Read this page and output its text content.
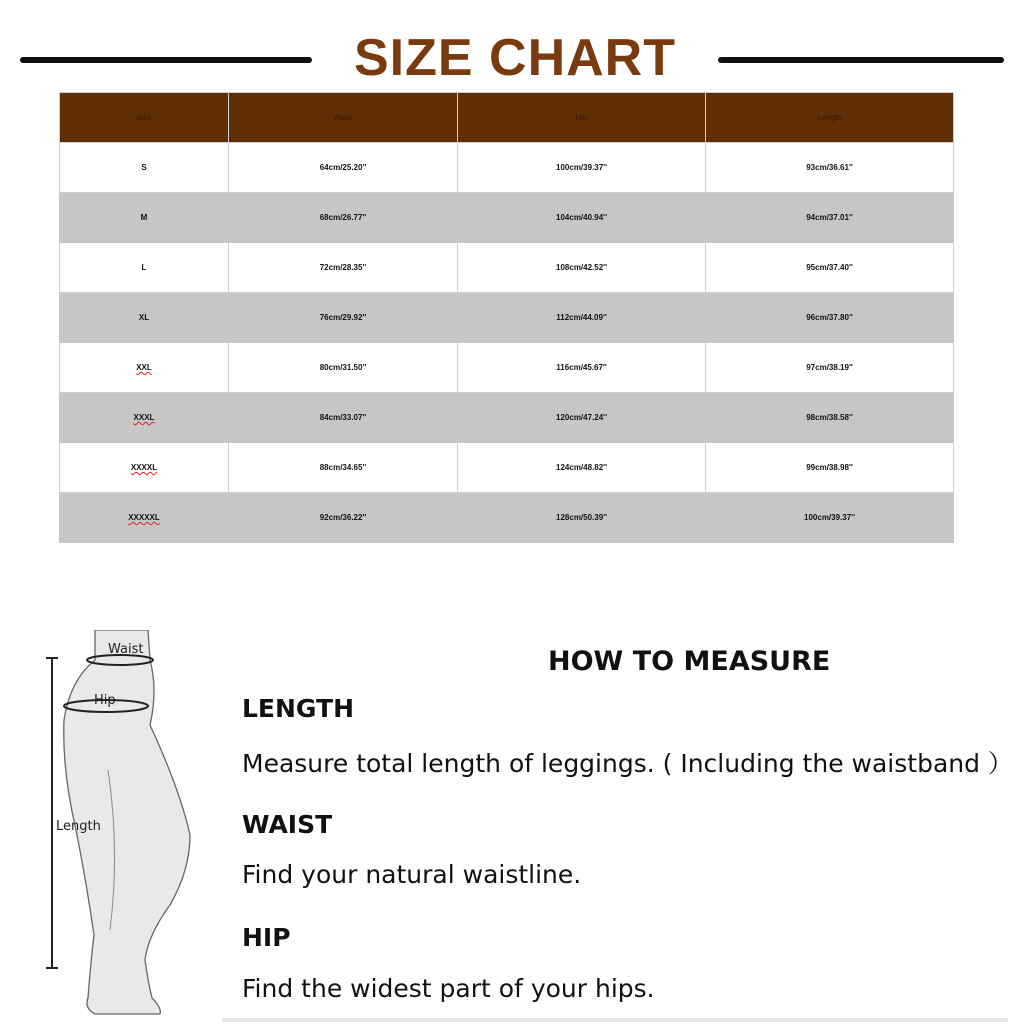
SIZE CHART
size	Waist	Hip	Length
S	64cm/25.20''	100cm/39.37''	93cm/36.61''
M	68cm/26.77''	104cm/40.94''	94cm/37.01''
L	72cm/28.35''	108cm/42.52''	95cm/37.40''
XL	76cm/29.92''	112cm/44.09''	96cm/37.80''
XXL	80cm/31.50''	116cm/45.67''	97cm/38.19''
XXXL	84cm/33.07''	120cm/47.24''	98cm/38.58''
XXXXL	88cm/34.65''	124cm/48.82''	99cm/38.98''
XXXXXL	92cm/36.22''	128cm/50.39''	100cm/39.37''
Waist
Hip
Length
HOW TO MEASURE
LENGTH
Measure total length of leggings. ( Including the waistband ）
WAIST
Find your natural waistline.
HIP
Find the widest part of your hips.
